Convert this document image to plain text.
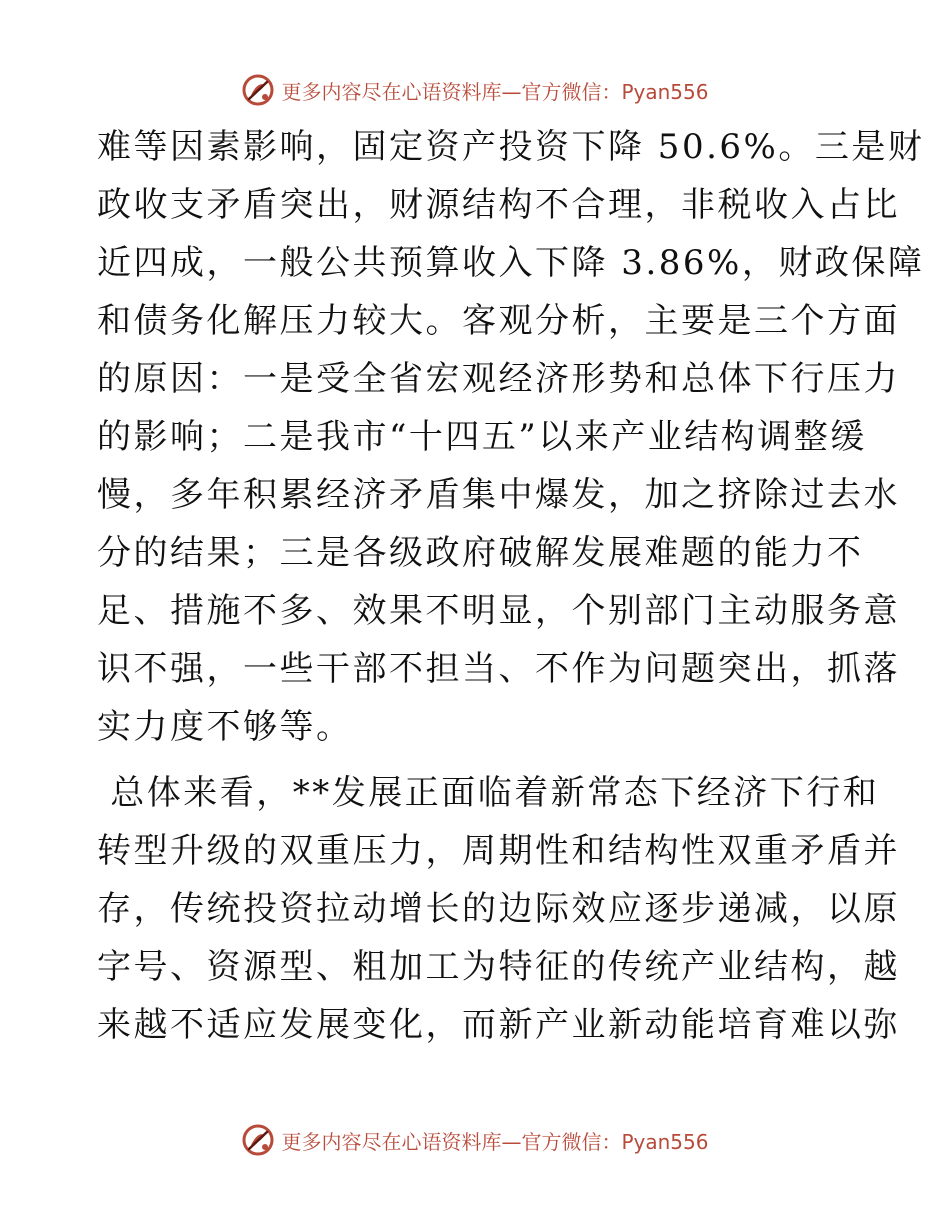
更多内容尽在心语资料库—官方微信：Pyan556

难等因素影响，固定资产投资下降 50.6%。三是财

政收支矛盾突出，财源结构不合理，非税收入占比

近四成，一般公共预算收入下降 3.86%，财政保障

和债务化解压力较大。客观分析，主要是三个方面

的原因：一是受全省宏观经济形势和总体下行压力

的影响；二是我市“十四五”以来产业结构调整缓

慢，多年积累经济矛盾集中爆发，加之挤除过去水

分的结果；三是各级政府破解发展难题的能力不

足、措施不多、效果不明显，个别部门主动服务意

识不强，一些干部不担当、不作为问题突出，抓落

实力度不够等。

总体来看，**发展正面临着新常态下经济下行和

转型升级的双重压力，周期性和结构性双重矛盾并

存，传统投资拉动增长的边际效应逐步递减，以原

字号、资源型、粗加工为特征的传统产业结构，越

来越不适应发展变化，而新产业新动能培育难以弥

更多内容尽在心语资料库—官方微信：Pyan556
